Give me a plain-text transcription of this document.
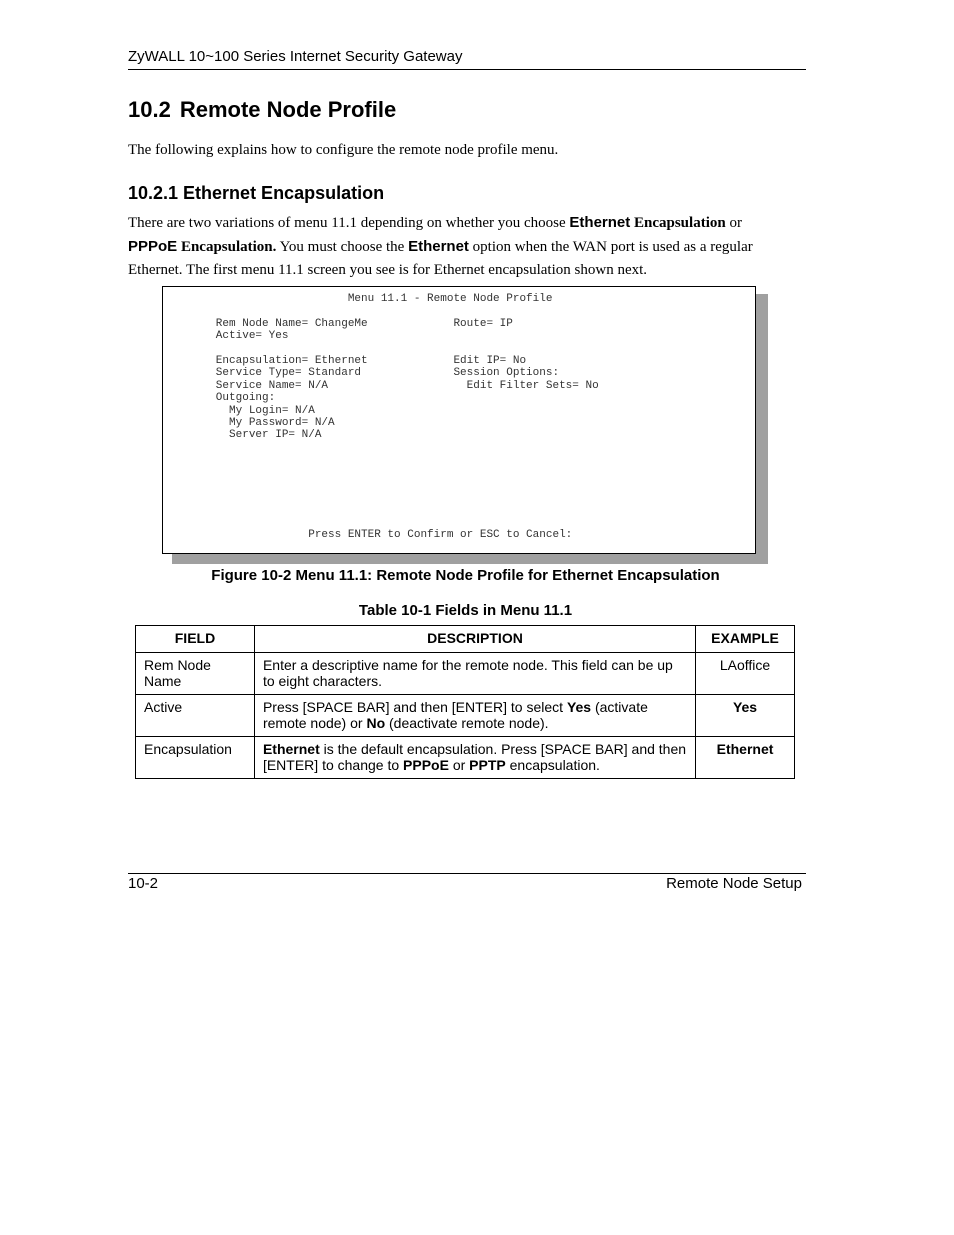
ZyWALL 10~100 Series Internet Security Gateway
10.2 Remote Node Profile

The following explains how to configure the remote node profile menu.

10.2.1 Ethernet Encapsulation

There are two variations of menu 11.1 depending on whether you choose Ethernet Encapsulation or
PPPoE Encapsulation. You must choose the Ethernet option when the WAN port is used as a regular Ethernet. The first menu 11.1 screen you see is for Ethernet encapsulation shown next.

Menu 11.1 - Remote Node Profile

Rem Node Name= ChangeMe             Route= IP
Active= Yes

Encapsulation= Ethernet             Edit IP= No
Service Type= Standard              Session Options:
Service Name= N/A                     Edit Filter Sets= No
Outgoing:
My Login= N/A
My Password= N/A
Server IP= N/A

Press ENTER to Confirm or ESC to Cancel:
Figure 10-2 Menu 11.1: Remote Node Profile for Ethernet Encapsulation
Table 10-1 Fields in Menu 11.1
FIELD	DESCRIPTION	EXAMPLE
Rem Node Name	Enter a descriptive name for the remote node. This field can be up to eight characters.	LAoffice
Active	Press [SPACE BAR] and then [ENTER] to select Yes (activate remote node) or No (deactivate remote node).	Yes
Encapsulation	Ethernet is the default encapsulation. Press [SPACE BAR] and then [ENTER] to change to PPPoE or PPTP encapsulation.	Ethernet
10-2	Remote Node Setup
